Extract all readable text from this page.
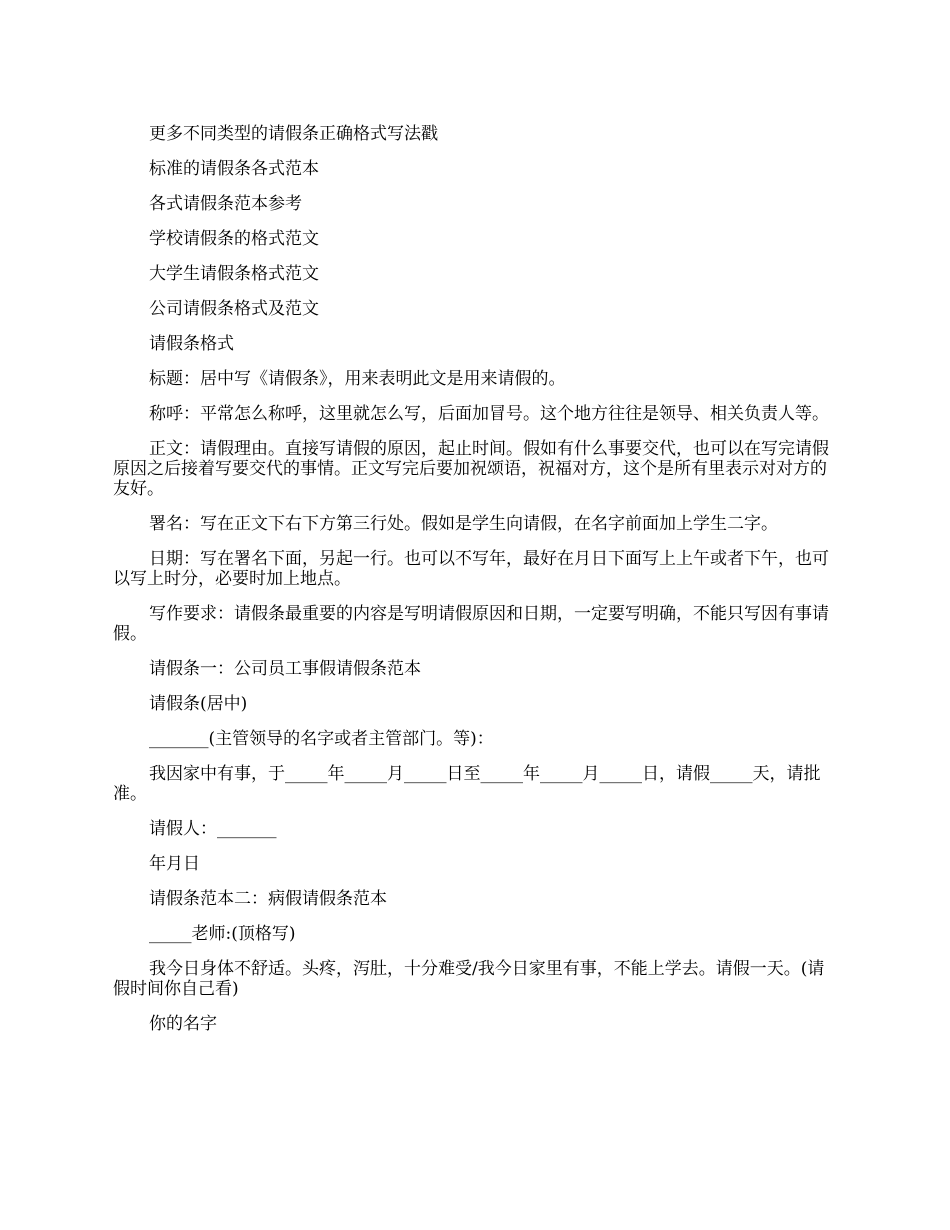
更多不同类型的请假条正确格式写法戳

标准的请假条各式范本

各式请假条范本参考

学校请假条的格式范文

大学生请假条格式范文

公司请假条格式及范文

请假条格式

标题：居中写《请假条》，用来表明此文是用来请假的。

称呼：平常怎么称呼，这里就怎么写，后面加冒号。这个地方往往是领导、相关负责人等。

正文：请假理由。直接写请假的原因，起止时间。假如有什么事要交代，也可以在写完请假原因之后接着写要交代的事情。正文写完后要加祝颂语，祝福对方，这个是所有里表示对对方的友好。

署名：写在正文下右下方第三行处。假如是学生向请假，在名字前面加上学生二字。

日期：写在署名下面，另起一行。也可以不写年，最好在月日下面写上上午或者下午，也可以写上时分，必要时加上地点。

写作要求：请假条最重要的内容是写明请假原因和日期，一定要写明确，不能只写因有事请假。

请假条一：公司员工事假请假条范本

请假条(居中)

_______(主管领导的名字或者主管部门。等)：

我因家中有事，于_____年_____月_____日至_____年_____月_____日，请假_____天，请批准。

请假人：_______

年月日

请假条范本二：病假请假条范本

_____老师:(顶格写)

我今日身体不舒适。头疼，泻肚，十分难受/我今日家里有事，不能上学去。请假一天。(请假时间你自己看)

你的名字
